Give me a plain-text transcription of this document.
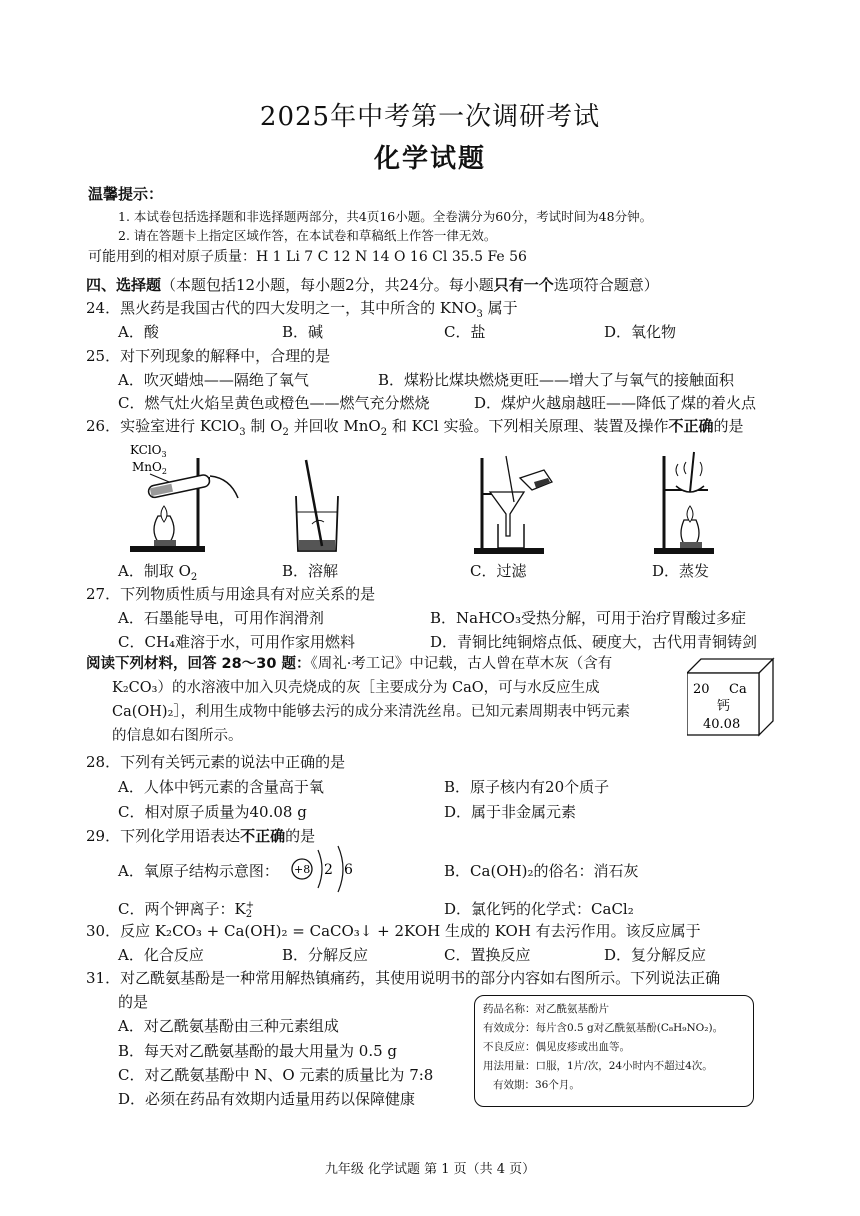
2025年中考第一次调研考试
化学试题
温馨提示：
1. 本试卷包括选择题和非选择题两部分，共4页16小题。全卷满分为60分，考试时间为48分钟。
2. 请在答题卡上指定区域作答，在本试卷和草稿纸上作答一律无效。
可能用到的相对原子质量：H 1 Li 7 C 12 N 14 O 16 Cl 35.5 Fe 56
四、选择题（本题包括12小题，每小题2分，共24分。每小题只有一个选项符合题意）
24．黑火药是我国古代的四大发明之一，其中所含的 $KNO_3$ 属于
A．酸	B．碱	C．盐	D．氧化物
25．对下列现象的解释中，合理的是
A．吹灭蜡烛——隔绝了氧气	B．煤粉比煤块燃烧更旺——增大了与氧气的接触面积
C．燃气灶火焰呈黄色或橙色——燃气充分燃烧	D．煤炉火越扇越旺——降低了煤的着火点
26．实验室进行 KClO$_3$ 制 $O_2$ 并回收 MnO$_2$ 和 KCl 实验。下列相关原理、装置及操作不正确的是
KClO$_3$
MnO$_2$
A．制取 $O_2$	B．溶解	C．过滤	D．蒸发
27．下列物质性质与用途具有对应关系的是
A．石墨能导电，可用作润滑剂	B．NaHCO₃受热分解，可用于治疗胃酸过多症
C．CH₄难溶于水，可用作家用燃料	D．青铜比纯铜熔点低、硬度大，古代用青铜铸剑
阅读下列材料，回答 28～30 题：《周礼·考工记》中记载，古人曾在草木灰（含有
K₂CO₃）的水溶液中加入贝壳烧成的灰［主要成分为 CaO，可与水反应生成
Ca(OH)₂］，利用生成物中能够去污的成分来清洗丝帛。已知元素周期表中钙元素
的信息如右图所示。
20 Ca
钙
40.08
28．下列有关钙元素的说法中正确的是
A．人体中钙元素的含量高于氧	B．原子核内有20个质子
C．相对原子质量为40.08 g	D．属于非金属元素
29．下列化学用语表达不正确的是
A．氧原子结构示意图： +8 2 6	B．Ca(OH)₂的俗名：消石灰
C．两个钾离子：K +
2	D．氯化钙的化学式：CaCl₂
30．反应 K₂CO₃ + Ca(OH)₂ = CaCO₃↓ + 2KOH 生成的 KOH 有去污作用。该反应属于
A．化合反应	B．分解反应	C．置换反应	D．复分解反应
31．对乙酰氨基酚是一种常用解热镇痛药，其使用说明书的部分内容如右图所示。下列说法正确
的是
A．对乙酰氨基酚由三种元素组成
B．每天对乙酰氨基酚的最大用量为 0.5 g
C．对乙酰氨基酚中 N、O 元素的质量比为 7:8
D．必须在药品有效期内适量用药以保障健康
药品名称：对乙酰氨基酚片
有效成分：每片含0.5 g对乙酰氨基酚(C₈H₉NO₂)。
不良反应：偶见皮疹或出血等。
用法用量：口服，1片/次，24小时内不超过4次。
有效期：36个月。
九年级 化学试题 第 1 页（共 4 页）
